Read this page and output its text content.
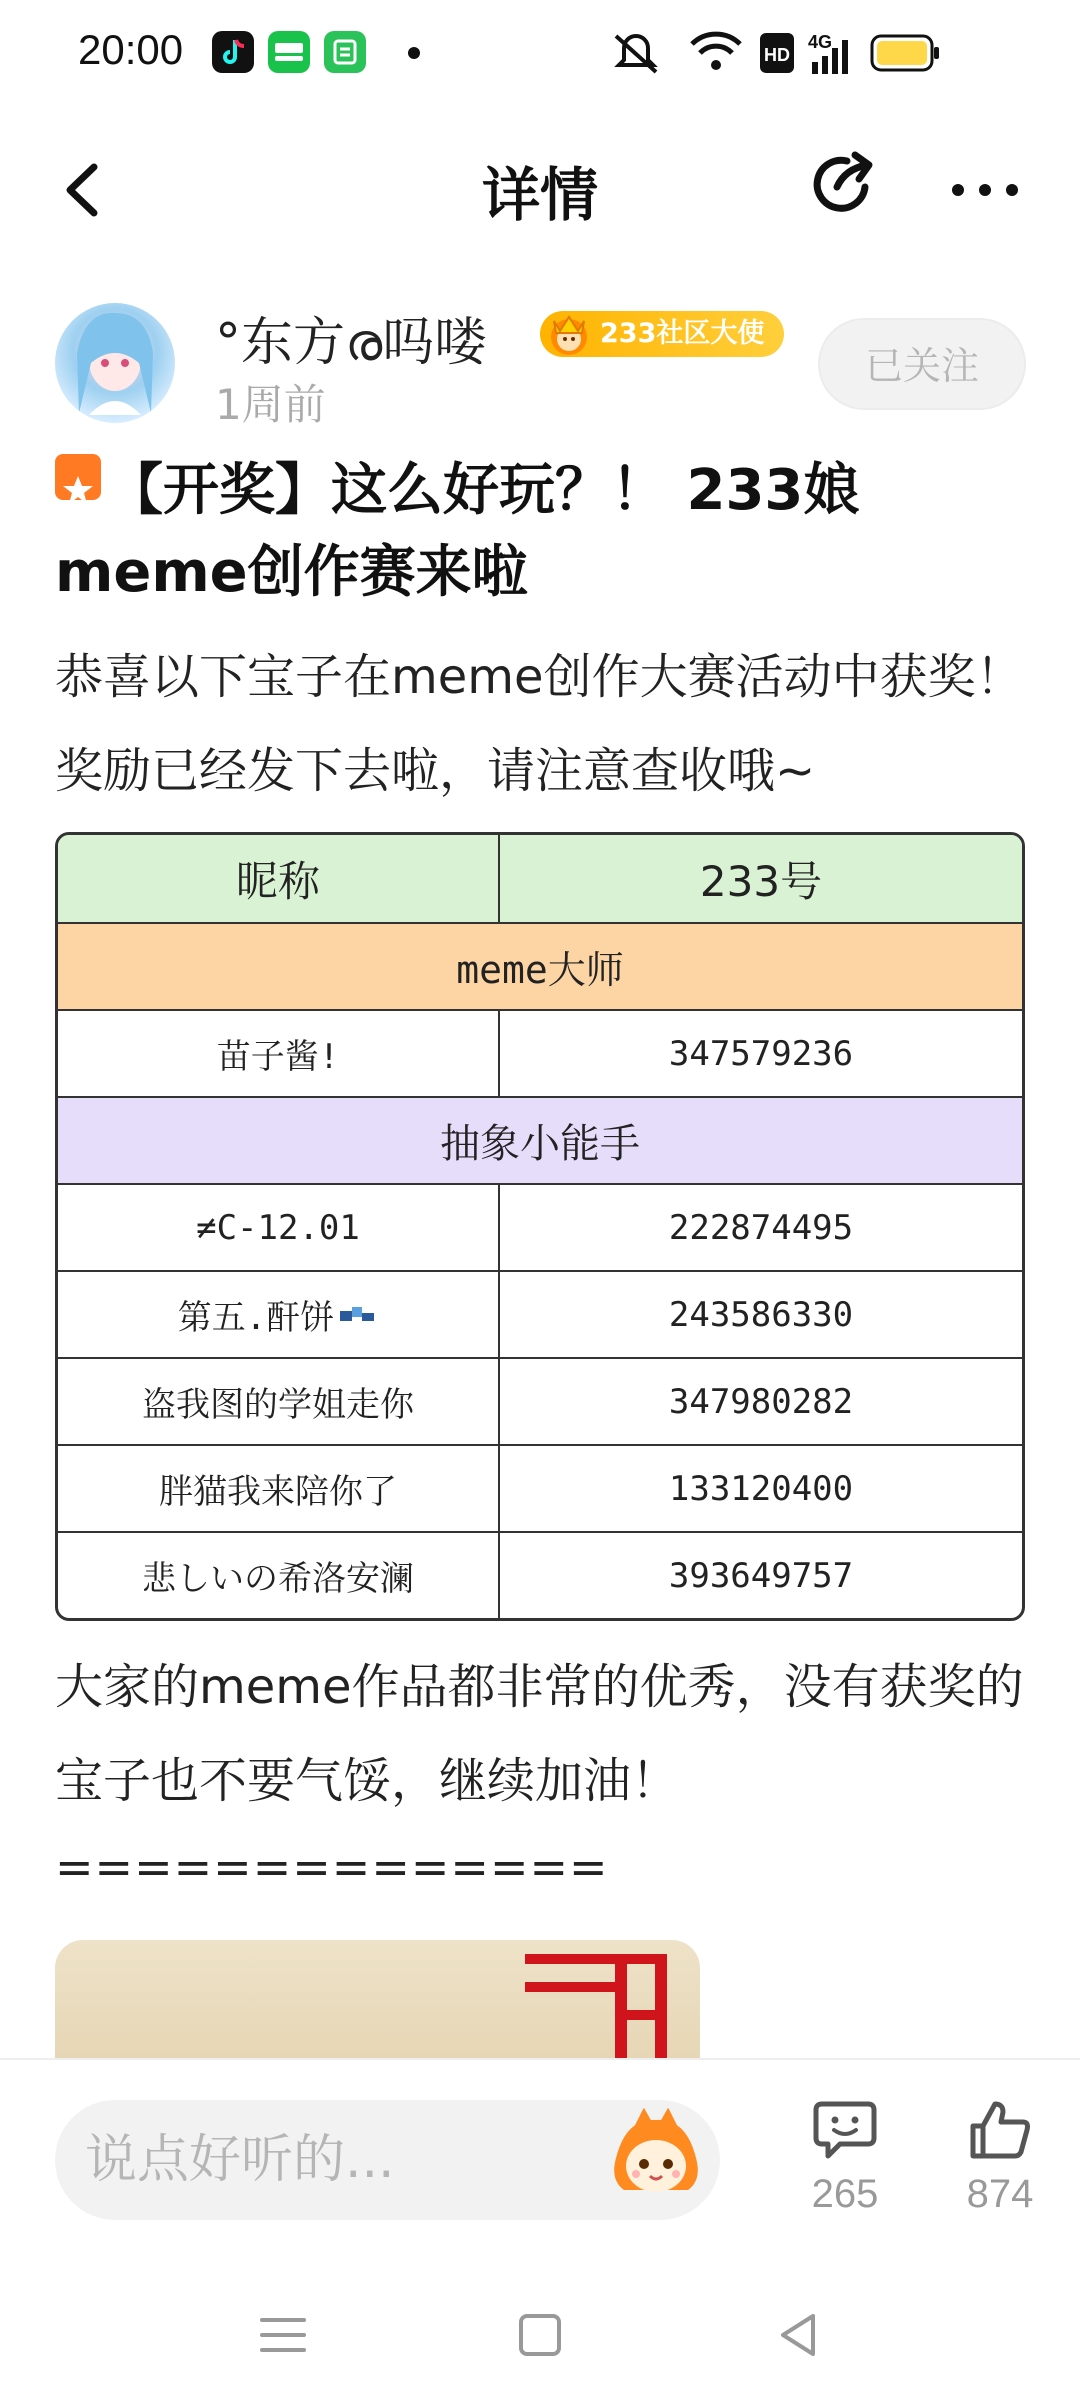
20:00	HD
4G
详情
°东方ര吗喽	233社区大使
1周前
已关注
【开奖】这么好玩？！ 233娘meme创作赛来啦
恭喜以下宝子在meme创作大赛活动中获奖！奖励已经发下去啦，请注意查收哦~
昵称	233号
meme大师
苗子酱!	347579236
抽象小能手
≠C-12.01	222874495
第五.酐饼	243586330
盗我图的学姐走你	347980282
胖猫我来陪你了	133120400
悲しいの希洛安澜	393649757
大家的meme作品都非常的优秀，没有获奖的宝子也不要气馁，继续加油！
==============
说点好听的...
265	874
